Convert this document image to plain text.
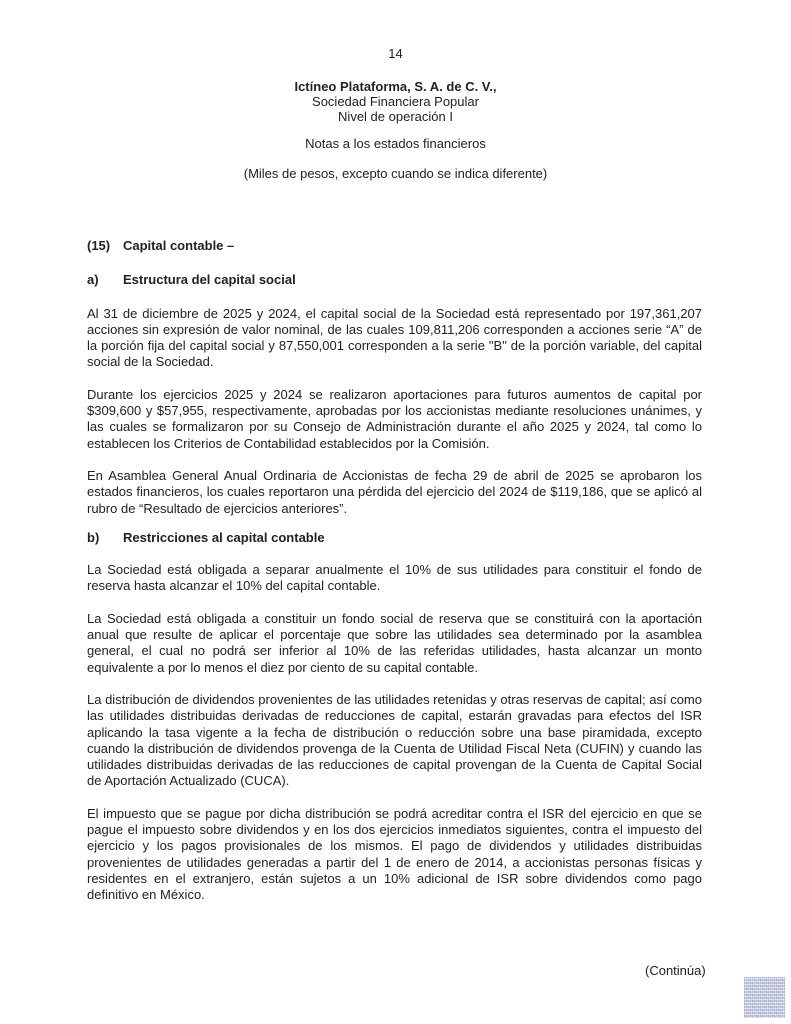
14
Ictíneo Plataforma, S. A. de C. V.,
Sociedad Financiera Popular
Nivel de operación I
Notas a los estados financieros
(Miles de pesos, excepto cuando se indica diferente)
(15) Capital contable –
a)	Estructura del capital social

Al 31 de diciembre de 2025 y 2024, el capital social de la Sociedad está representado por 197,361,207 acciones sin expresión de valor nominal, de las cuales 109,811,206 corresponden a acciones serie “A” de la porción fija del capital social y 87,550,001 corresponden a la serie "B" de la porción variable, del capital social de la Sociedad.

Durante los ejercicios 2025 y 2024 se realizaron aportaciones para futuros aumentos de capital por $309,600 y $57,955, respectivamente, aprobadas por los accionistas mediante resoluciones unánimes, y las cuales se formalizaron por su Consejo de Administración durante el año 2025 y 2024, tal como lo establecen los Criterios de Contabilidad establecidos por la Comisión.

En Asamblea General Anual Ordinaria de Accionistas de fecha 29 de abril de 2025 se aprobaron los estados financieros, los cuales reportaron una pérdida del ejercicio del 2024 de $119,186, que se aplicó al rubro de “Resultado de ejercicios anteriores”.

b)	Restricciones al capital contable

La Sociedad está obligada a separar anualmente el 10% de sus utilidades para constituir el fondo de reserva hasta alcanzar el 10% del capital contable.

La Sociedad está obligada a constituir un fondo social de reserva que se constituirá con la aportación anual que resulte de aplicar el porcentaje que sobre las utilidades sea determinado por la asamblea general, el cual no podrá ser inferior al 10% de las referidas utilidades, hasta alcanzar un monto equivalente a por lo menos el diez por ciento de su capital contable.

La distribución de dividendos provenientes de las utilidades retenidas y otras reservas de capital; así como las utilidades distribuidas derivadas de reducciones de capital, estarán gravadas para efectos del ISR aplicando la tasa vigente a la fecha de distribución o reducción sobre una base piramidada, excepto cuando la distribución de dividendos provenga de la Cuenta de Utilidad Fiscal Neta (CUFIN) y cuando las utilidades distribuidas derivadas de las reducciones de capital provengan de la Cuenta de Capital Social de Aportación Actualizado (CUCA).

El impuesto que se pague por dicha distribución se podrá acreditar contra el ISR del ejercicio en que se pague el impuesto sobre dividendos y en los dos ejercicios inmediatos siguientes, contra el impuesto del ejercicio y los pagos provisionales de los mismos. El pago de dividendos y utilidades distribuidas provenientes de utilidades generadas a partir del 1 de enero de 2014, a accionistas personas físicas y residentes en el extranjero, están sujetos a un 10% adicional de ISR sobre dividendos como pago definitivo en México.

(Continúa)
